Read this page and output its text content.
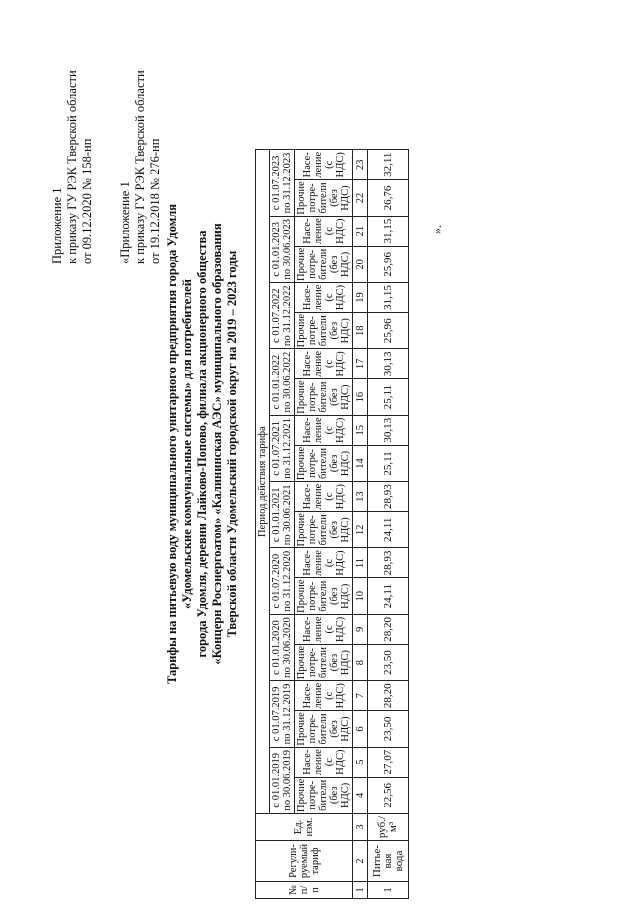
Приложение 1 к приказу ГУ РЭК Тверской области от 09.12.2020 № 158-нп «Приложение 1 к приказу ГУ РЭК Тверской области от 19.12.2018 № 276-нп
Тарифы на питьевую воду муниципального унитарного предприятия города Удомля «Удомельские коммунальные системы» для потребителей города Удомля, деревни Лайково-Попово, филиала акционерного общества «Концерн Росэнергоатом» «Калининская АЭС» муниципального образования Тверской области Удомельский городской округ на 2019 – 2023 годы
№ п/п	Регули-руемый тариф	Ед. изм.	Период действия тарифа																			
			с 01.01.2019 по 30.06.2019		с 01.07.2019 по 31.12.2019		с 01.01.2020 по 30.06.2020		с 01.07.2020 по 31.12.2020		с 01.01.2021 по 30.06.2021		с 01.07.2021 по 31.12.2021		с 01.01.2022 по 30.06.2022		с 01.07.2022 по 31.12.2022		с 01.01.2023 по 30.06.2023		с 01.07.2023 по 31.12.2023	
			Прочие потре-бители (без НДС)	Насе-ление (с НДС)	Прочие потре-бители (без НДС)	Насе-ление (с НДС)	Прочие потре-бители (без НДС)	Насе-ление (с НДС)	Прочие потре-бители (без НДС)	Насе-ление (с НДС)	Прочие потре-бители (без НДС)	Насе-ление (с НДС)	Прочие потре-бители (без НДС)	Насе-ление (с НДС)	Прочие потре-бители (без НДС)	Насе-ление (с НДС)	Прочие потре-бители (без НДС)	Насе-ление (с НДС)	Прочие потре-бители (без НДС)	Насе-ление (с НДС)	Прочие потре-бители (без НДС)	Насе-ление (с НДС)
1	2	3	4	5	6	7	8	9	10	11	12	13	14	15	16	17	18	19	20	21	22	23
1	Питье-вая вода	руб./м³	22,56	27,07	23,50	28,20	23,50	28,20	24,11	28,93	24,11	28,93	25,11	30,13	25,11	30,13	25,96	31,15	25,96	31,15	26,76	32,11
».
